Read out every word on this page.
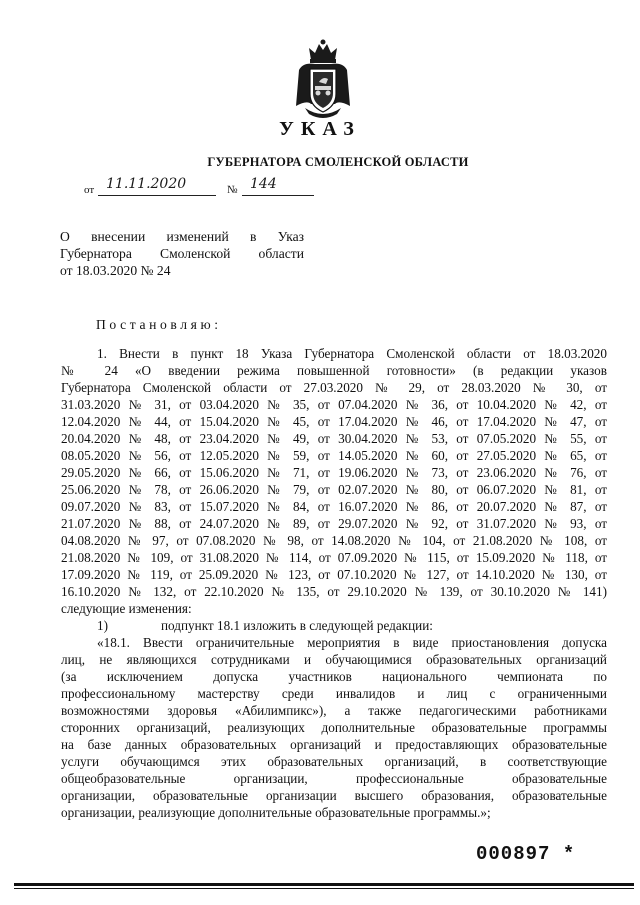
УКАЗ
ГУБЕРНАТОРА СМОЛЕНСКОЙ ОБЛАСТИ
от 11.11.2020	№ 144
О внесении изменений в Указ
Губернатора Смоленской области
от 18.03.2020 № 24
Постановляю:
1. Внести в пункт 18 Указа Губернатора Смоленской области от 18.03.2020
№ 24 «О введении режима повышенной готовности» (в редакции указов
Губернатора Смоленской области от 27.03.2020 № 29, от 28.03.2020 № 30, от
31.03.2020 № 31, от 03.04.2020 № 35, от 07.04.2020 № 36, от 10.04.2020 № 42, от
12.04.2020 № 44, от 15.04.2020 № 45, от 17.04.2020 № 46, от 17.04.2020 № 47, от
20.04.2020 № 48, от 23.04.2020 № 49, от 30.04.2020 № 53, от 07.05.2020 № 55, от
08.05.2020 № 56, от 12.05.2020 № 59, от 14.05.2020 № 60, от 27.05.2020 № 65, от
29.05.2020 № 66, от 15.06.2020 № 71, от 19.06.2020 № 73, от 23.06.2020 № 76, от
25.06.2020 № 78, от 26.06.2020 № 79, от 02.07.2020 № 80, от 06.07.2020 № 81, от
09.07.2020 № 83, от 15.07.2020 № 84, от 16.07.2020 № 86, от 20.07.2020 № 87, от
21.07.2020 № 88, от 24.07.2020 № 89, от 29.07.2020 № 92, от 31.07.2020 № 93, от
04.08.2020 № 97, от 07.08.2020 № 98, от 14.08.2020 № 104, от 21.08.2020 № 108, от
21.08.2020 № 109, от 31.08.2020 № 114, от 07.09.2020 № 115, от 15.09.2020 № 118, от
17.09.2020 № 119, от 25.09.2020 № 123, от 07.10.2020 № 127, от 14.10.2020 № 130, от
16.10.2020 № 132, от 22.10.2020 № 135, от 29.10.2020 № 139, от 30.10.2020 № 141)
следующие изменения:
1)	подпункт 18.1 изложить в следующей редакции:
«18.1. Ввести ограничительные мероприятия в виде приостановления допуска
лиц, не являющихся сотрудниками и обучающимися образовательных организаций
(за исключением допуска участников национального чемпионата по
профессиональному мастерству среди инвалидов и лиц с ограниченными
возможностями здоровья «Абилимпикс»), а также педагогическими работниками
сторонних организаций, реализующих дополнительные образовательные программы
на базе данных образовательных организаций и предоставляющих образовательные
услуги обучающимся этих образовательных организаций, в соответствующие
общеобразовательные организации, профессиональные образовательные
организации, образовательные организации высшего образования, образовательные
организации, реализующие дополнительные образовательные программы.»;
000897 *
